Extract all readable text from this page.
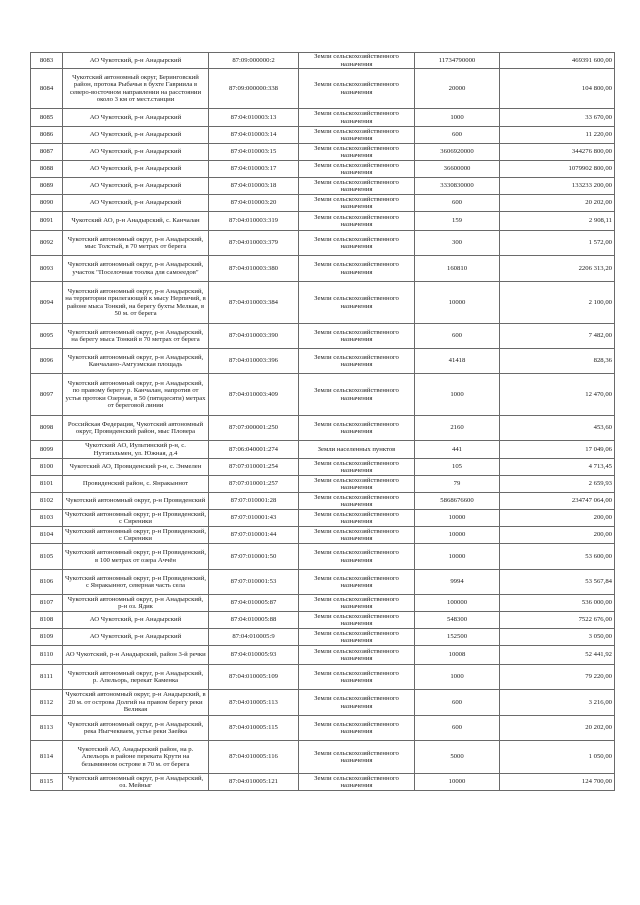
8083	АО Чукотский, р-н Анадырский	87:09:000000:2	Земли сельскохозяйственного назначения	11734790000	469391 600,00
8084	Чукотский автономный округ, Беринговский район, протока Рыбачья в бухте Гавриила в северо-восточном направлении на расстоянии около 3 км от мест.станции	87:09:000000:338	Земли сельскохозяйственного назначения	20000	104 800,00
8085	АО Чукотский, р-н Анадырский	87:04:010003:13	Земли сельскохозяйственного назначения	1000	33 670,00
8086	АО Чукотский, р-н Анадырский	87:04:010003:14	Земли сельскохозяйственного назначения	600	11 220,00
8087	АО Чукотский, р-н Анадырский	87:04:010003:15	Земли сельскохозяйственного назначения	3606920000	344276 800,00
8088	АО Чукотский, р-н Анадырский	87:04:010003:17	Земли сельскохозяйственного назначения	36600000	1079902 800,00
8089	АО Чукотский, р-н Анадырский	87:04:010003:18	Земли сельскохозяйственного назначения	3330830000	133233 200,00
8090	АО Чукотский, р-н Анадырский	87:04:010003:20	Земли сельскохозяйственного назначения	600	20 202,00
8091	Чукотский АО, р-н Анадырский, с. Канчалан	87:04:010003:319	Земли сельскохозяйственного назначения	159	2 908,11
8092	Чукотский автономный округ, р-н Анадырский, мыс Толстый, в 70 метрах от берега	87:04:010003:379	Земли сельскохозяйственного назначения	300	1 572,00
8093	Чукотский автономный округ, р-н Анадырский, участок "Поселочная тоолка для самоеедов"	87:04:010003:380	Земли сельскохозяйственного назначения	160810	2206 313,20
8094	Чукотский автономный округ, р-н Анадырский, на территории прилегающей к мысу Нерпичий, в районе мыса Тонкий, на берегу бухты Мелкая, в 50 м. от берега	87:04:010003:384	Земли сельскохозяйственного назначения	10000	2 100,00
8095	Чукотский автономный округ, р-н Анадырский, на берегу мыса Тонкий в 70 метрах от берега	87:04:010003:390	Земли сельскохозяйственного назначения	600	7 482,00
8096	Чукотский автономный округ, р-н Анадырский, Канчалано-Амгуэмская площадь	87:04:010003:396	Земли сельскохозяйственного назначения	41418	828,36
8097	Чукотский автономный округ, р-н Анадырский, по правому берегу р. Канчалан, напротив от устья протоки Озерная, в 50 (пятидесяти) метрах от береговой линии	87:04:010003:409	Земли сельскохозяйственного назначения	1000	12 470,00
8098	Российская Федерация, Чукотский автономный округ, Провиденский район, мыс Пловера	87:07:000001:250	Земли сельскохозяйственного назначения	2160	453,60
8099	Чукотский АО, Иультинский р-н, с. Нутэпэльмен, ул. Южная, д.4	87:06:040001:274	Земли населенных пунктов	441	17 049,06
8100	Чукотский АО, Провиденский р-н, с. Энмелен	87:07:010001:254	Земли сельскохозяйственного назначения	105	4 713,45
8101	Провиденский район, с. Янракыннот	87:07:010001:257	Земли сельскохозяйственного назначения	79	2 659,93
8102	Чукотский автономный округ, р-н Провиденский	87:07:010001:28	Земли сельскохозяйственного назначения	5868676600	234747 064,00
8103	Чукотский автономный округ, р-н Провиденский, с Сиреники	87:07:010001:43	Земли сельскохозяйственного назначения	10000	200,00
8104	Чукотский автономный округ, р-н Провиденский, с Сиреники	87:07:010001:44	Земли сельскохозяйственного назначения	10000	200,00
8105	Чукотский автономный округ, р-н Провиденский, в 100 метрах от озера Аччён	87:07:010001:50	Земли сельскохозяйственного назначения	10000	53 600,00
8106	Чукотский автономный округ, р-н Провиденский, с Янракыннот, северная часть села	87:07:010001:53	Земли сельскохозяйственного назначения	9994	53 567,84
8107	Чукотский автономный округ, р-н Анадырский, р-н оз. Ядик	87:04:010005:87	Земли сельскохозяйственного назначения	100000	536 000,00
8108	АО Чукотский, р-н Анадырский	87:04:010005:88	Земли сельскохозяйственного назначения	548300	7522 676,00
8109	АО Чукотский, р-н Анадырский	87:04:010005:9	Земли сельскохозяйственного назначения	152500	3 050,00
8110	АО Чукотский, р-н Анадырский, район 3-й речки	87:04:010005:93	Земли сельскохозяйственного назначения	10008	52 441,92
8111	Чукотский автономный округ, р-н Анадырский, р. Апельорь, перекат Каменка	87:04:010005:109	Земли сельскохозяйственного назначения	1000	79 220,00
8112	Чукотский автономный округ, р-н Анадырский, в 20 м. от острова Долгий на правом берегу реки Великая	87:04:010005:113	Земли сельскохозяйственного назначения	600	3 216,00
8113	Чукотский автономный округ, р-н Анадырский, река Ныгчекваем, устье реки Заейка	87:04:010005:115	Земли сельскохозяйственного назначения	600	20 202,00
8114	Чукотский АО, Анадырский район, на р. Апельорь в районе переката Крути на безымянном острове в 70 м. от берега	87:04:010005:116	Земли сельскохозяйственного назначения	5000	1 050,00
8115	Чукотский автономный округ, р-н Анадырский, оз. Мейныг	87:04:010005:121	Земли сельскохозяйственного назначения	10000	124 700,00
